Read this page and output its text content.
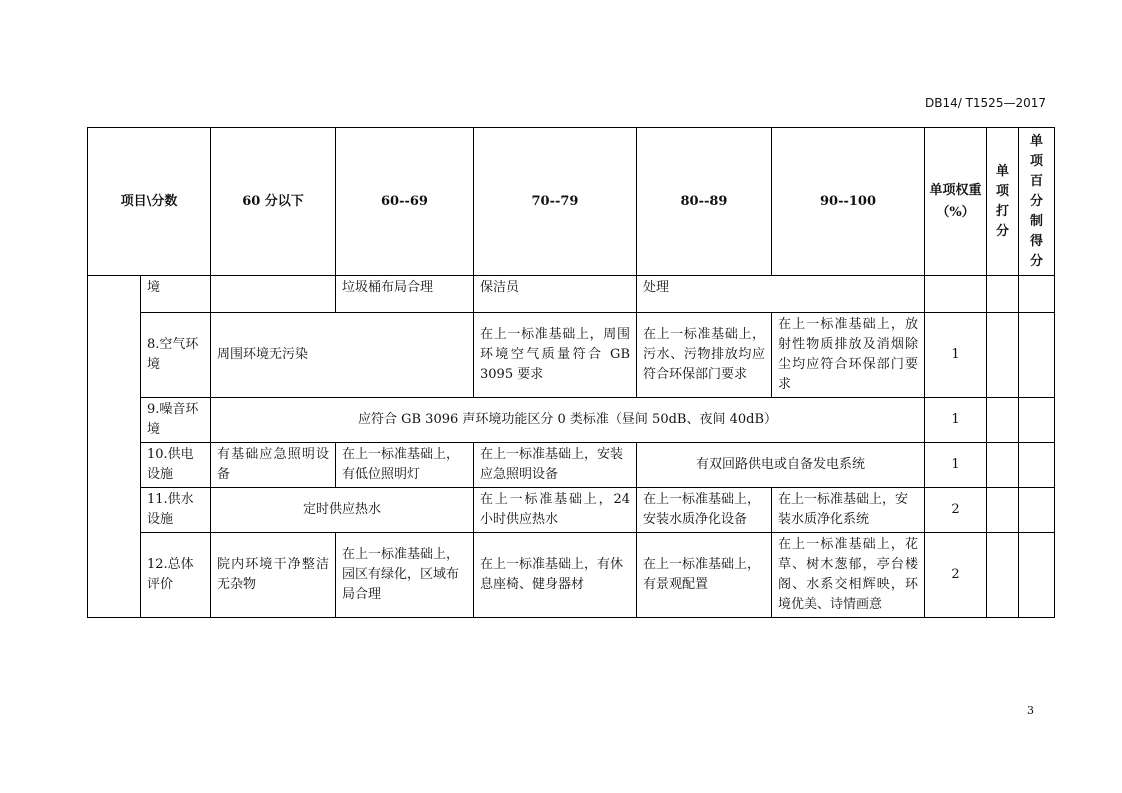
DB14/ T1525—2017
项目\分数		60 分以下	60--69	70--79	80--89	90--100	单项权重（%）	单项打分	单项百分制得分

	境		垃圾桶布局合理	保洁员	处理				
	8.空气环境	周围环境无污染		在上一标准基础上，周围环境空气质量符合 GB 3095 要求	在上一标准基础上，污水、污物排放均应符合环保部门要求	在上一标准基础上，放射性物质排放及消烟除尘均应符合环保部门要求	1		
	9.噪音环境	应符合 GB 3096 声环境功能区分 0 类标准（昼间 50dB、夜间 40dB）					1		
	10.供电设施	有基础应急照明设备	在上一标准基础上，有低位照明灯	在上一标准基础上，安装应急照明设备	有双回路供电或自备发电系统		1		
	11.供水设施	定时供应热水		在上一标准基础上，24 小时供应热水	在上一标准基础上，安装水质净化设备	在上一标准基础上，安装水质净化系统	2		
	12.总体评价	院内环境干净整洁无杂物	在上一标准基础上，园区有绿化，区域布局合理	在上一标准基础上，有休息座椅、健身器材	在上一标准基础上，有景观配置	在上一标准基础上，花草、树木葱郁，亭台楼阁、水系交相辉映，环境优美、诗情画意	2		
3
